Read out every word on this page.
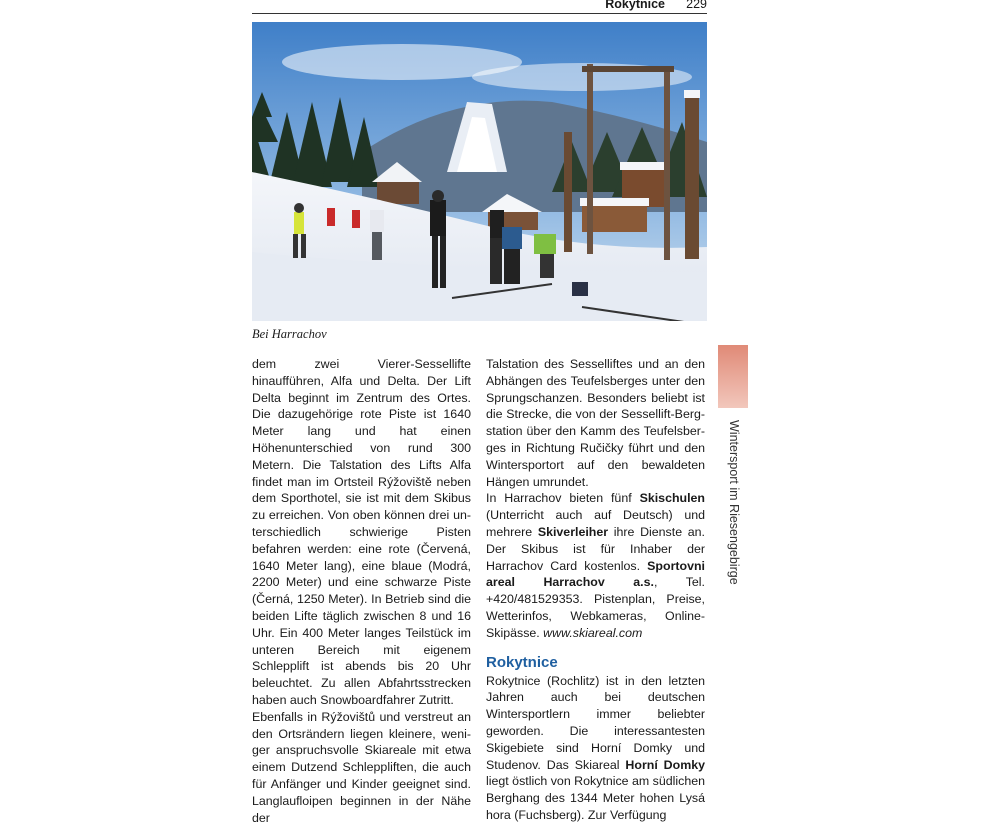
Rokytnice 229
Bei Harrachov

dem zwei Vierer-Sessellifte hinaufführen, Alfa und Delta. Der Lift Delta beginnt im Zentrum des Ortes. Die dazugehörige rote Piste ist 1640 Meter lang und hat einen Höhenunterschied von rund 300 Metern. Die Talstation des Lifts Alfa findet man im Ortsteil Rýžoviště neben dem Sporthotel, sie ist mit dem Skibus zu erreichen. Von oben können drei unterschiedlich schwierige Pisten befahren werden: eine rote (Červená, 1640 Meter lang), eine blaue (Modrá, 2200 Meter) und eine schwarze Piste (Černá, 1250 Meter). In Betrieb sind die beiden Lifte täglich zwischen 8 und 16 Uhr. Ein 400 Meter langes Teilstück im unteren Bereich mit eigenem Schlepplift ist abends bis 20 Uhr beleuchtet. Zu allen Abfahrtsstrecken haben auch Snowboardfahrer Zutritt.

Ebenfalls in Rýžovištů und verstreut an den Ortsrändern liegen kleinere, weniger anspruchsvolle Skiareale mit etwa einem Dutzend Schleppliften, die auch für Anfänger und Kinder geeignet sind. Langlaufloipen beginnen in der Nähe der

Talstation des Sesselliftes und an den Abhängen des Teufelsberges unter den Sprungschanzen. Besonders beliebt ist die Strecke, die von der Sessellift-Bergstation über den Kamm des Teufelsberges in Richtung Ručičky führt und den Wintersportort auf den bewaldeten Hängen umrundet.

In Harrachov bieten fünf Skischulen (Unterricht auch auf Deutsch) und mehrere Skiverleiher ihre Dienste an. Der Skibus ist für Inhaber der Harrachov Card kostenlos. Sportovni areal Harrachov a.s., Tel. +420/481529353. Pistenplan, Preise, Wetterinfos, Webkameras, Online-Skipässe. www.skiareal.com

Rokytnice

Rokytnice (Rochlitz) ist in den letzten Jahren auch bei deutschen Wintersportlern immer beliebter geworden. Die interessantesten Skigebiete sind Horní Domky und Studenov. Das Skiareal Horní Domky liegt östlich von Rokytnice am südlichen Berghang des 1344 Meter hohen Lysá hora (Fuchsberg). Zur Verfügung

Wintersport im Riesengebirge
